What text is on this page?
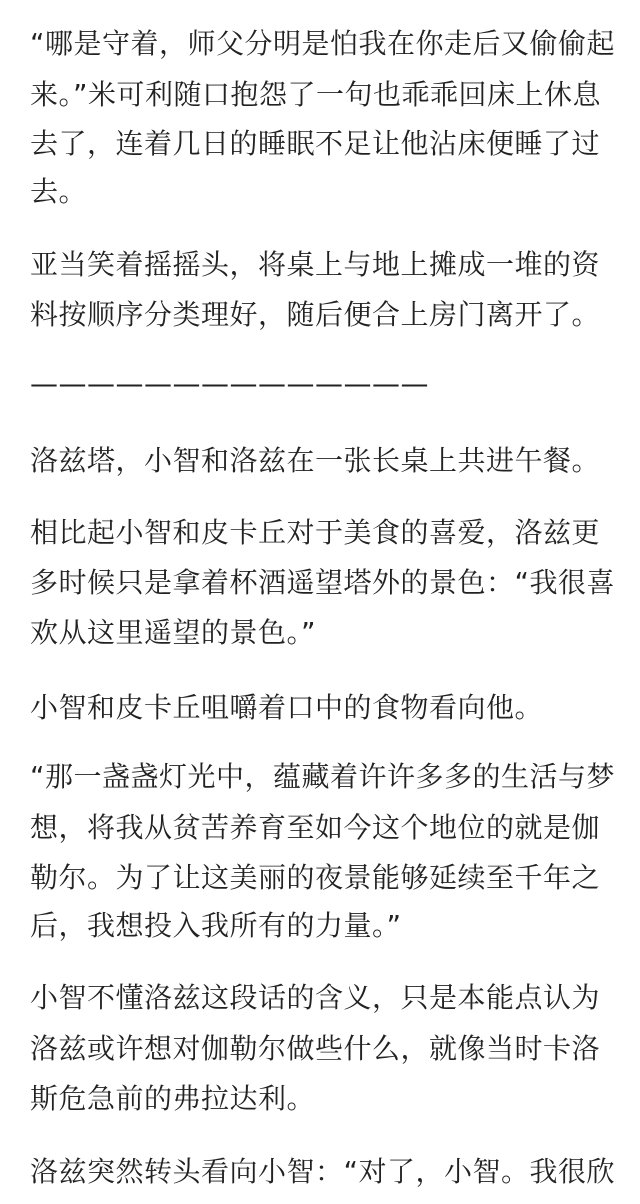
“哪是守着，师父分明是怕我在你走后又偷偷起
来。”米可利随口抱怨了一句也乖乖回床上休息
去了，连着几日的睡眠不足让他沾床便睡了过
去。
亚当笑着摇摇头，将桌上与地上摊成一堆的资
料按顺序分类理好，随后便合上房门离开了。
——————————————
洛兹塔，小智和洛兹在一张长桌上共进午餐。
相比起小智和皮卡丘对于美食的喜爱，洛兹更
多时候只是拿着杯酒遥望塔外的景色：“我很喜
欢从这里遥望的景色。”
小智和皮卡丘咀嚼着口中的食物看向他。
“那一盏盏灯光中，蕴藏着许许多多的生活与梦
想，将我从贫苦养育至如今这个地位的就是伽
勒尔。为了让这美丽的夜景能够延续至千年之
后，我想投入我所有的力量。”
小智不懂洛兹这段话的含义，只是本能点认为
洛兹或许想对伽勒尔做些什么，就像当时卡洛
斯危急前的弗拉达利。
洛兹突然转头看向小智：“对了，小智。我很欣
